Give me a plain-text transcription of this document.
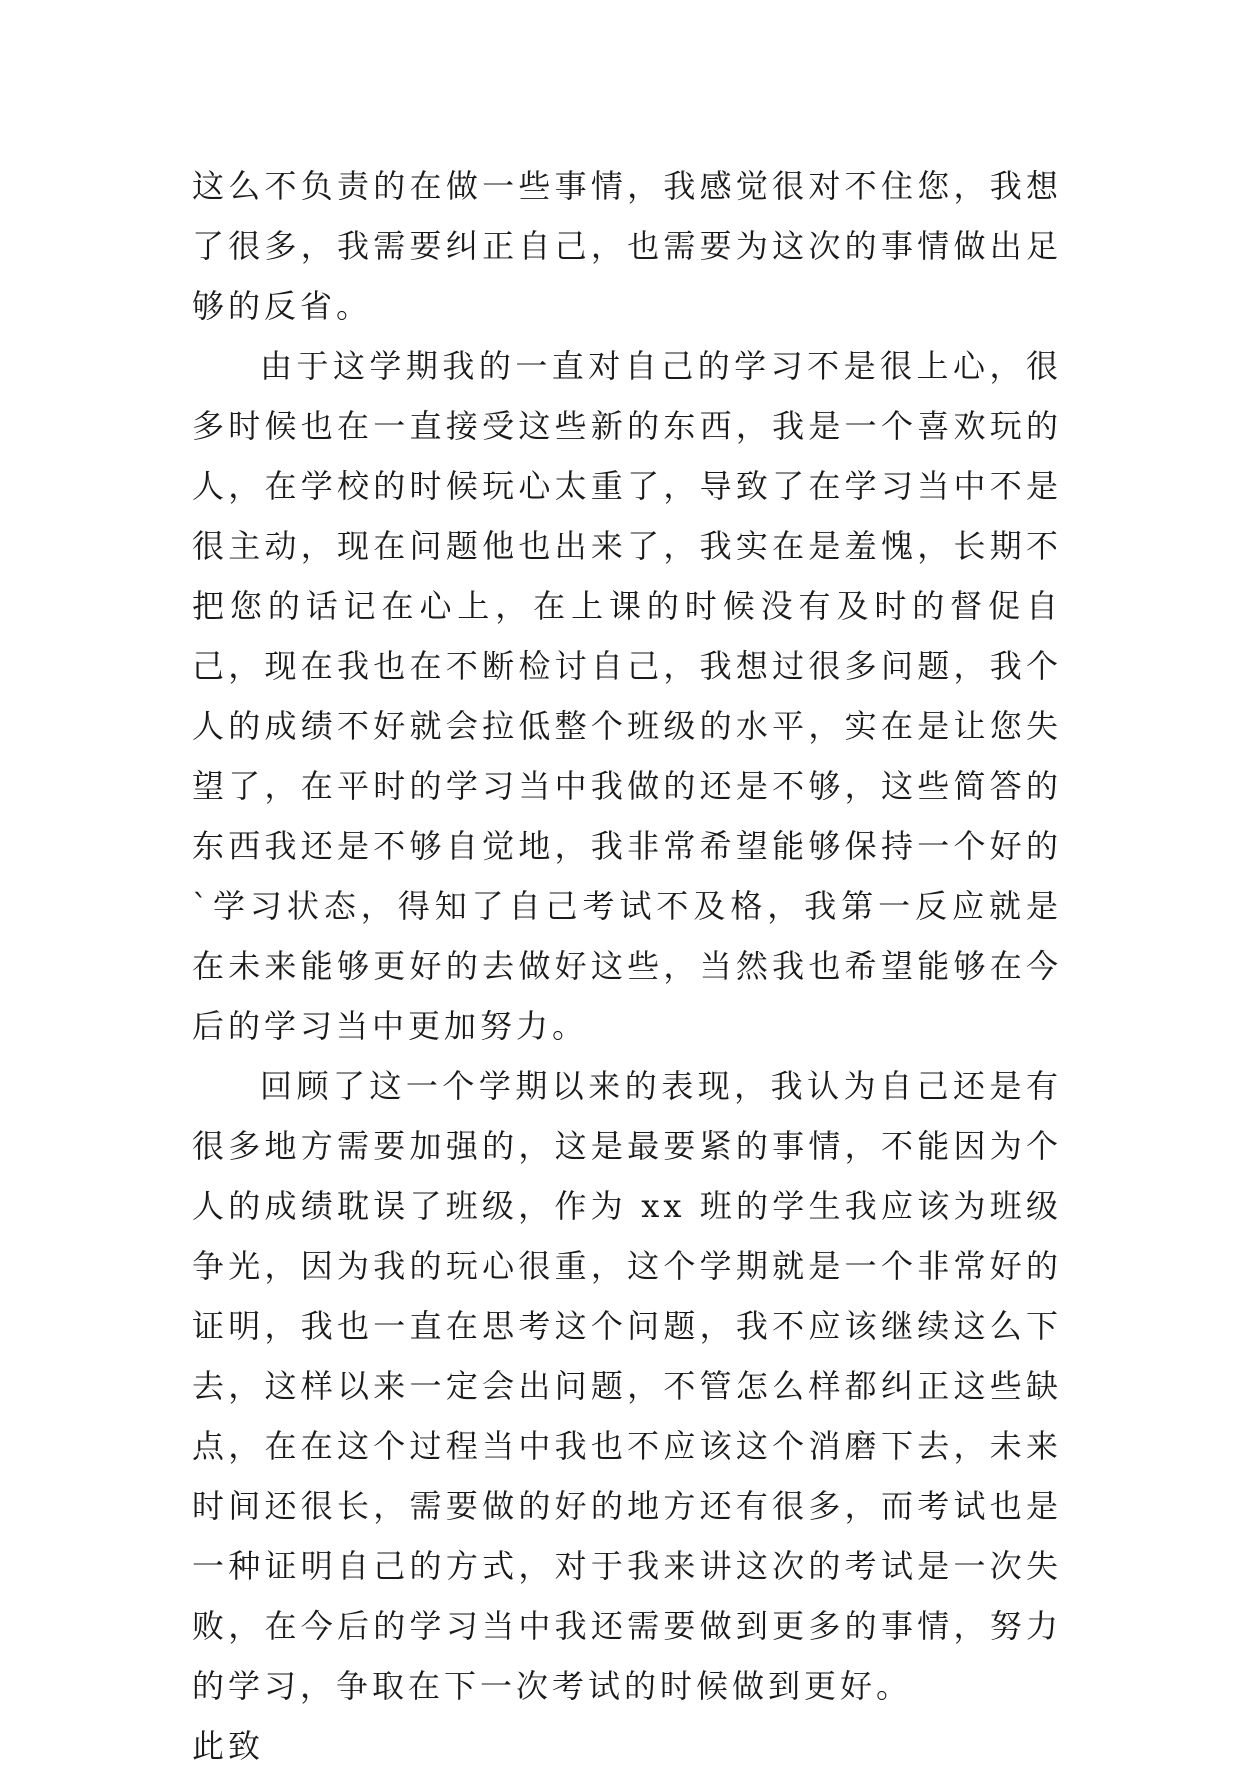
这么不负责的在做一些事情，我感觉很对不住您，我想了很多，我需要纠正自己，也需要为这次的事情做出足够的反省。

由于这学期我的一直对自己的学习不是很上心，很多时候也在一直接受这些新的东西，我是一个喜欢玩的人，在学校的时候玩心太重了，导致了在学习当中不是很主动，现在问题他也出来了，我实在是羞愧，长期不把您的话记在心上，在上课的时候没有及时的督促自己，现在我也在不断检讨自己，我想过很多问题，我个人的成绩不好就会拉低整个班级的水平，实在是让您失望了，在平时的学习当中我做的还是不够，这些简答的东西我还是不够自觉地，我非常希望能够保持一个好的`学习状态，得知了自己考试不及格，我第一反应就是在未来能够更好的去做好这些，当然我也希望能够在今后的学习当中更加努力。

回顾了这一个学期以来的表现，我认为自己还是有很多地方需要加强的，这是最要紧的事情，不能因为个人的成绩耽误了班级，作为 xx 班的学生我应该为班级争光，因为我的玩心很重，这个学期就是一个非常好的证明，我也一直在思考这个问题，我不应该继续这么下去，这样以来一定会出问题，不管怎么样都纠正这些缺点，在在这个过程当中我也不应该这个消磨下去，未来时间还很长，需要做的好的地方还有很多，而考试也是一种证明自己的方式，对于我来讲这次的考试是一次失败，在今后的学习当中我还需要做到更多的事情，努力的学习，争取在下一次考试的时候做到更好。

此致
